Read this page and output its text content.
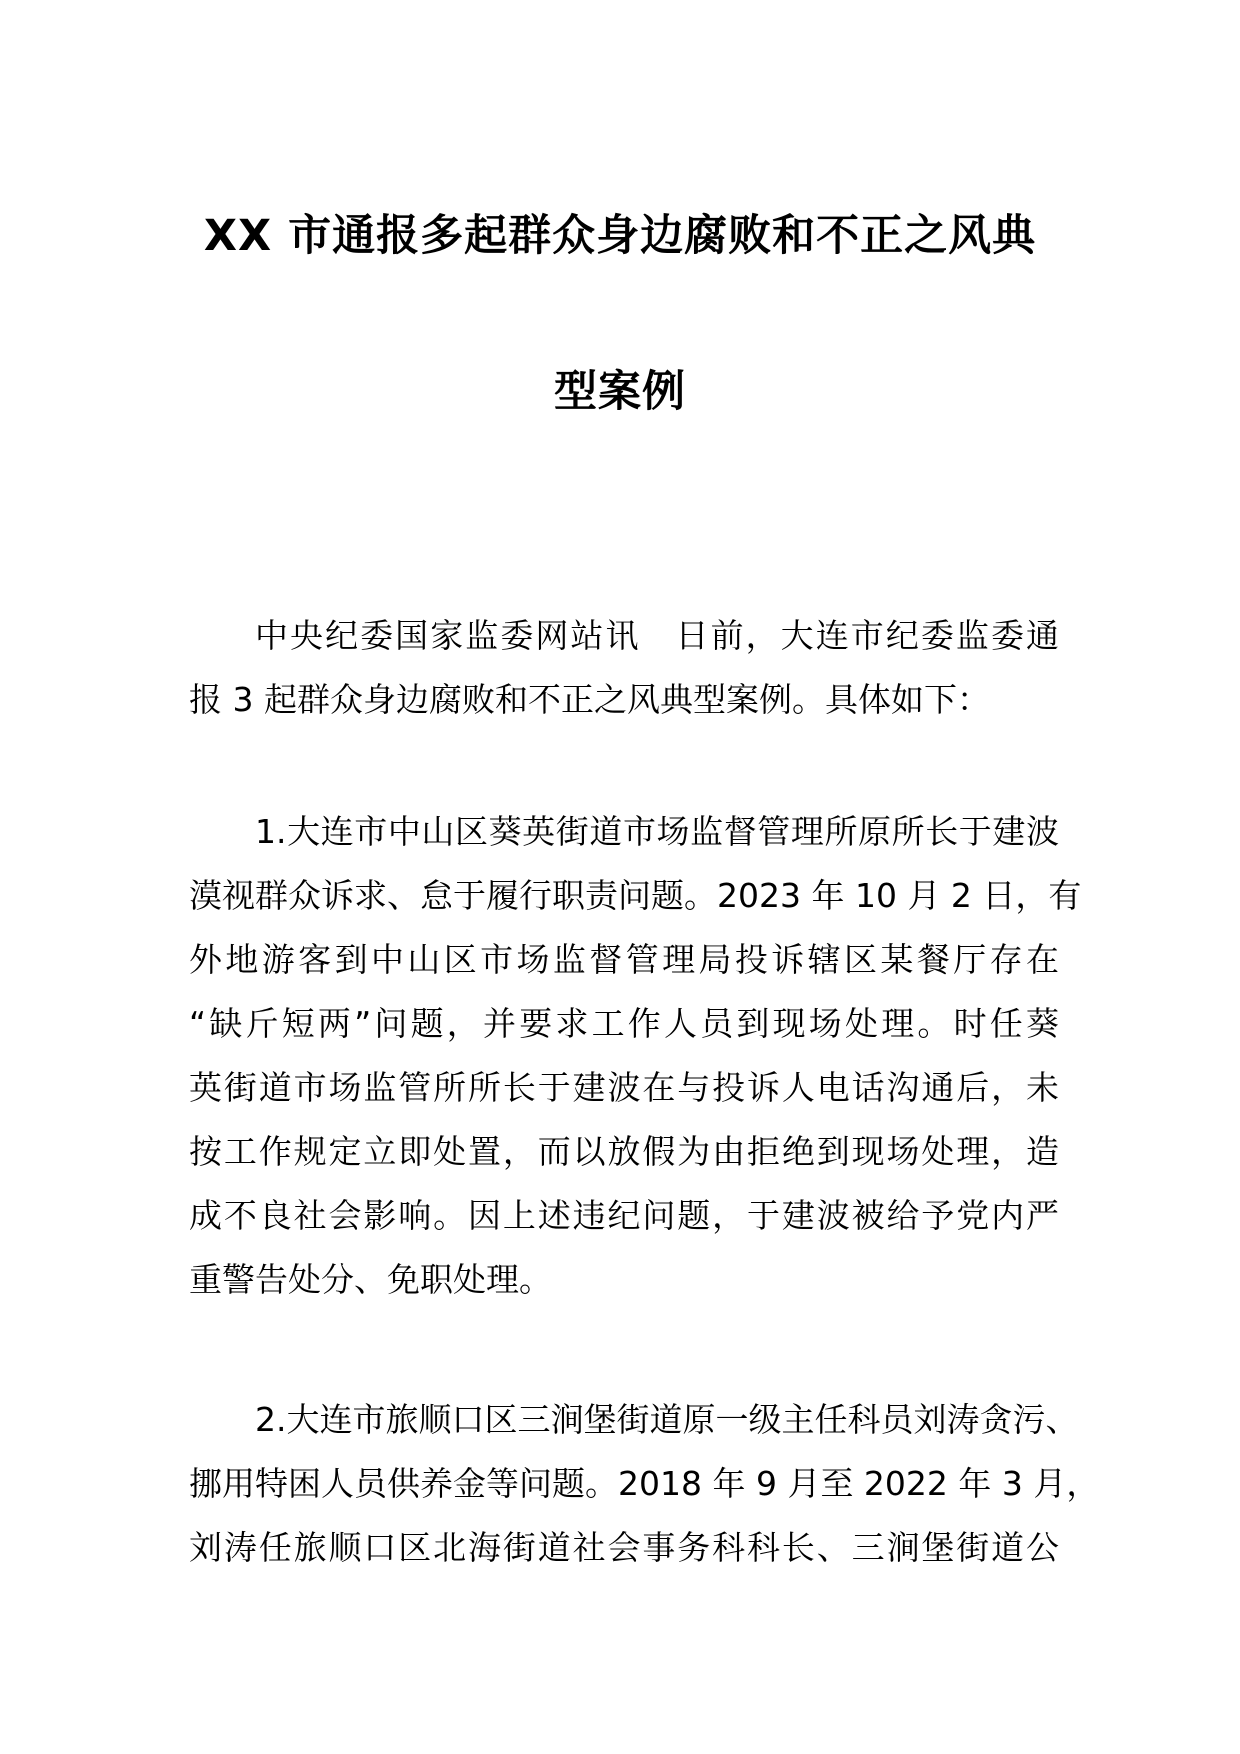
XX 市通报多起群众身边腐败和不正之风典
型案例
中央纪委国家监委网站讯　日前，大连市纪委监委通
报 3 起群众身边腐败和不正之风典型案例。具体如下：
1.大连市中山区葵英街道市场监督管理所原所长于建波
漠视群众诉求、怠于履行职责问题。2023 年 10 月 2 日，有
外地游客到中山区市场监督管理局投诉辖区某餐厅存在
“缺斤短两”问题，并要求工作人员到现场处理。时任葵
英街道市场监管所所长于建波在与投诉人电话沟通后，未
按工作规定立即处置，而以放假为由拒绝到现场处理，造
成不良社会影响。因上述违纪问题，于建波被给予党内严
重警告处分、免职处理。
2.大连市旅顺口区三涧堡街道原一级主任科员刘涛贪污、
挪用特困人员供养金等问题。2018 年 9 月至 2022 年 3 月，
刘涛任旅顺口区北海街道社会事务科科长、三涧堡街道公
